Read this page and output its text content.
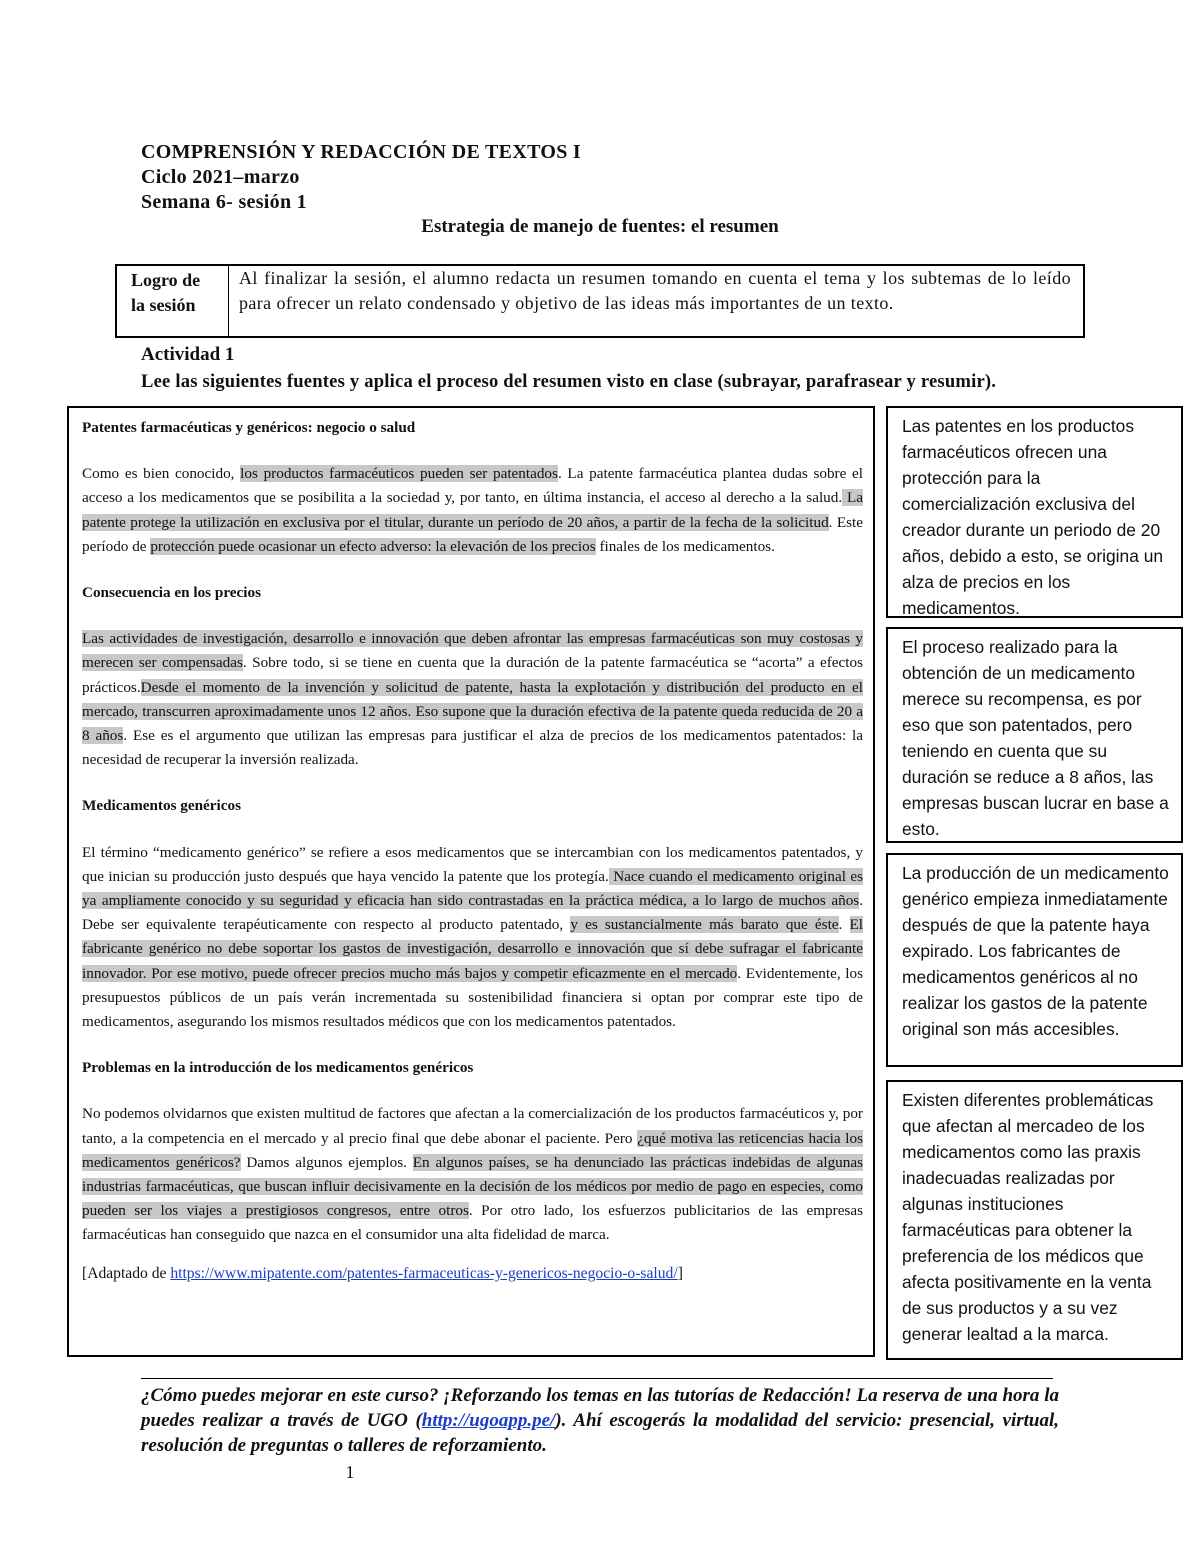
COMPRENSIÓN Y REDACCIÓN DE TEXTOS I
Ciclo 2021–marzo
Semana 6- sesión 1
Estrategia de manejo de fuentes: el resumen
Logro de
la sesión
Al finalizar la sesión, el alumno redacta un resumen tomando en cuenta el tema y los subtemas de lo leído para ofrecer un relato condensado y objetivo de las ideas más importantes de un texto.
Actividad 1
Lee las siguientes fuentes y aplica el proceso del resumen visto en clase (subrayar, parafrasear y resumir).

Patentes farmacéuticas y genéricos: negocio o salud

Como es bien conocido, los productos farmacéuticos pueden ser patentados. La patente farmacéutica plantea dudas sobre el acceso a los medicamentos que se posibilita a la sociedad y, por tanto, en última instancia, el acceso al derecho a la salud. La patente protege la utilización en exclusiva por el titular, durante un período de 20 años, a partir de la fecha de la solicitud. Este período de protección puede ocasionar un efecto adverso: la elevación de los precios finales de los medicamentos.

Consecuencia en los precios

Las actividades de investigación, desarrollo e innovación que deben afrontar las empresas farmacéuticas son muy costosas y merecen ser compensadas. Sobre todo, si se tiene en cuenta que la duración de la patente farmacéutica se “acorta” a efectos prácticos.Desde el momento de la invención y solicitud de patente, hasta la explotación y distribución del producto en el mercado, transcurren aproximadamente unos 12 años. Eso supone que la duración efectiva de la patente queda reducida de 20 a 8 años. Ese es el argumento que utilizan las empresas para justificar el alza de precios de los medicamentos patentados: la necesidad de recuperar la inversión realizada.

Medicamentos genéricos

El término “medicamento genérico” se refiere a esos medicamentos que se intercambian con los medicamentos patentados, y que inician su producción justo después que haya vencido la patente que los protegía. Nace cuando el medicamento original es ya ampliamente conocido y su seguridad y eficacia han sido contrastadas en la práctica médica, a lo largo de muchos años. Debe ser equivalente terapéuticamente con respecto al producto patentado, y es sustancialmente más barato que éste. El fabricante genérico no debe soportar los gastos de investigación, desarrollo e innovación que sí debe sufragar el fabricante innovador. Por ese motivo, puede ofrecer precios mucho más bajos y competir eficazmente en el mercado. Evidentemente, los presupuestos públicos de un país verán incrementada su sostenibilidad financiera si optan por comprar este tipo de medicamentos, asegurando los mismos resultados médicos que con los medicamentos patentados.

Problemas en la introducción de los medicamentos genéricos

No podemos olvidarnos que existen multitud de factores que afectan a la comercialización de los productos farmacéuticos y, por tanto, a la competencia en el mercado y al precio final que debe abonar el paciente. Pero ¿qué motiva las reticencias hacia los medicamentos genéricos? Damos algunos ejemplos. En algunos países, se ha denunciado las prácticas indebidas de algunas industrias farmacéuticas, que buscan influir decisivamente en la decisión de los médicos por medio de pago en especies, como pueden ser los viajes a prestigiosos congresos, entre otros. Por otro lado, los esfuerzos publicitarios de las empresas farmacéuticas han conseguido que nazca en el consumidor una alta fidelidad de marca.

[Adaptado de https://www.mipatente.com/patentes-farmaceuticas-y-genericos-negocio-o-salud/]

Las patentes en los productos farmacéuticos ofrecen una protección para la comercialización exclusiva del creador durante un periodo de 20 años, debido a esto, se origina un alza de precios en los medicamentos.
El proceso realizado para la obtención de un medicamento merece su recompensa, es por eso que son patentados, pero teniendo en cuenta que su duración se reduce a 8 años, las empresas buscan lucrar en base a esto.
La producción de un medicamento genérico empieza inmediatamente después de que la patente haya expirado. Los fabricantes de medicamentos genéricos al no realizar los gastos de la patente original son más accesibles.
Existen diferentes problemáticas que afectan al mercadeo de los medicamentos como las praxis inadecuadas realizadas por algunas instituciones farmacéuticas para obtener la preferencia de los médicos que afecta positivamente en la venta de sus productos y a su vez generar lealtad a la marca.
¿Cómo puedes mejorar en este curso? ¡Reforzando los temas en las tutorías de Redacción! La reserva de una hora la puedes realizar a través de UGO (http://ugoapp.pe/). Ahí escogerás la modalidad del servicio: presencial, virtual, resolución de preguntas o talleres de reforzamiento.
1
